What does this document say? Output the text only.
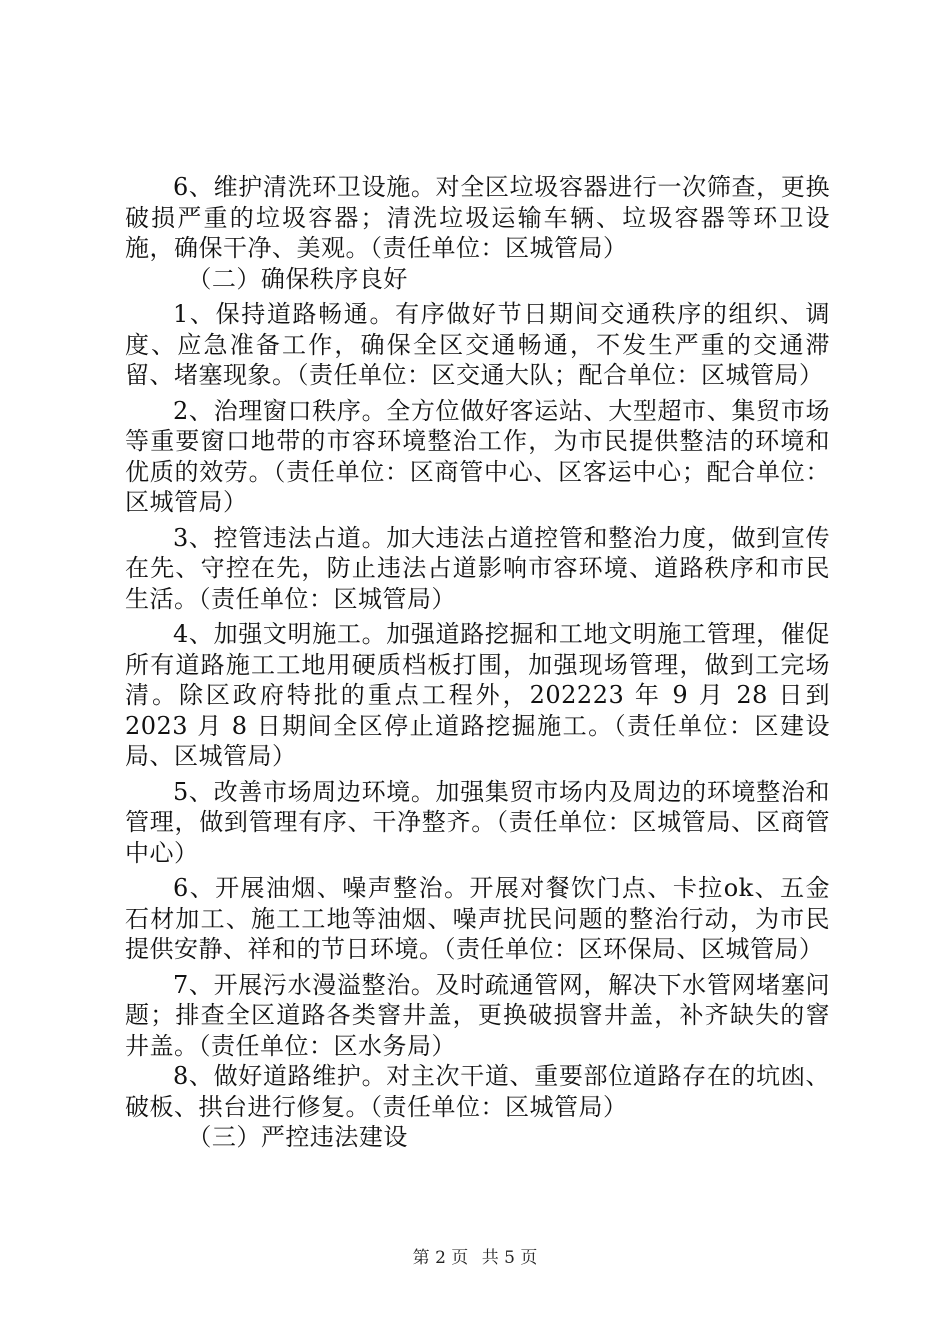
6、维护清洗环卫设施。对全区垃圾容器进行一次筛查，更换破损严重的垃圾容器；清洗垃圾运输车辆、垃圾容器等环卫设施，确保干净、美观。（责任单位：区城管局）

（二）确保秩序良好

1、保持道路畅通。有序做好节日期间交通秩序的组织、调度、应急准备工作，确保全区交通畅通，不发生严重的交通滞留、堵塞现象。（责任单位：区交通大队；配合单位：区城管局）

2、治理窗口秩序。全方位做好客运站、大型超市、集贸市场等重要窗口地带的市容环境整治工作，为市民提供整洁的环境和优质的效劳。（责任单位：区商管中心、区客运中心；配合单位：区城管局）

3、控管违法占道。加大违法占道控管和整治力度，做到宣传在先、守控在先，防止违法占道影响市容环境、道路秩序和市民生活。（责任单位：区城管局）

4、加强文明施工。加强道路挖掘和工地文明施工管理，催促所有道路施工工地用硬质档板打围，加强现场管理，做到工完场清。除区政府特批的重点工程外，202223 年 9 月 28 日到2023 月 8 日期间全区停止道路挖掘施工。（责任单位：区建设局、区城管局）

5、改善市场周边环境。加强集贸市场内及周边的环境整治和管理，做到管理有序、干净整齐。（责任单位：区城管局、区商管中心）

6、开展油烟、噪声整治。开展对餐饮门点、卡拉ok、五金石材加工、施工工地等油烟、噪声扰民问题的整治行动，为市民提供安静、祥和的节日环境。（责任单位：区环保局、区城管局）

7、开展污水漫溢整治。及时疏通管网，解决下水管网堵塞问题；排查全区道路各类窨井盖，更换破损窨井盖，补齐缺失的窨井盖。（责任单位：区水务局）

8、做好道路维护。对主次干道、重要部位道路存在的坑凼、破板、拱台进行修复。（责任单位：区城管局）

（三）严控违法建设

第 2 页 共 5 页
